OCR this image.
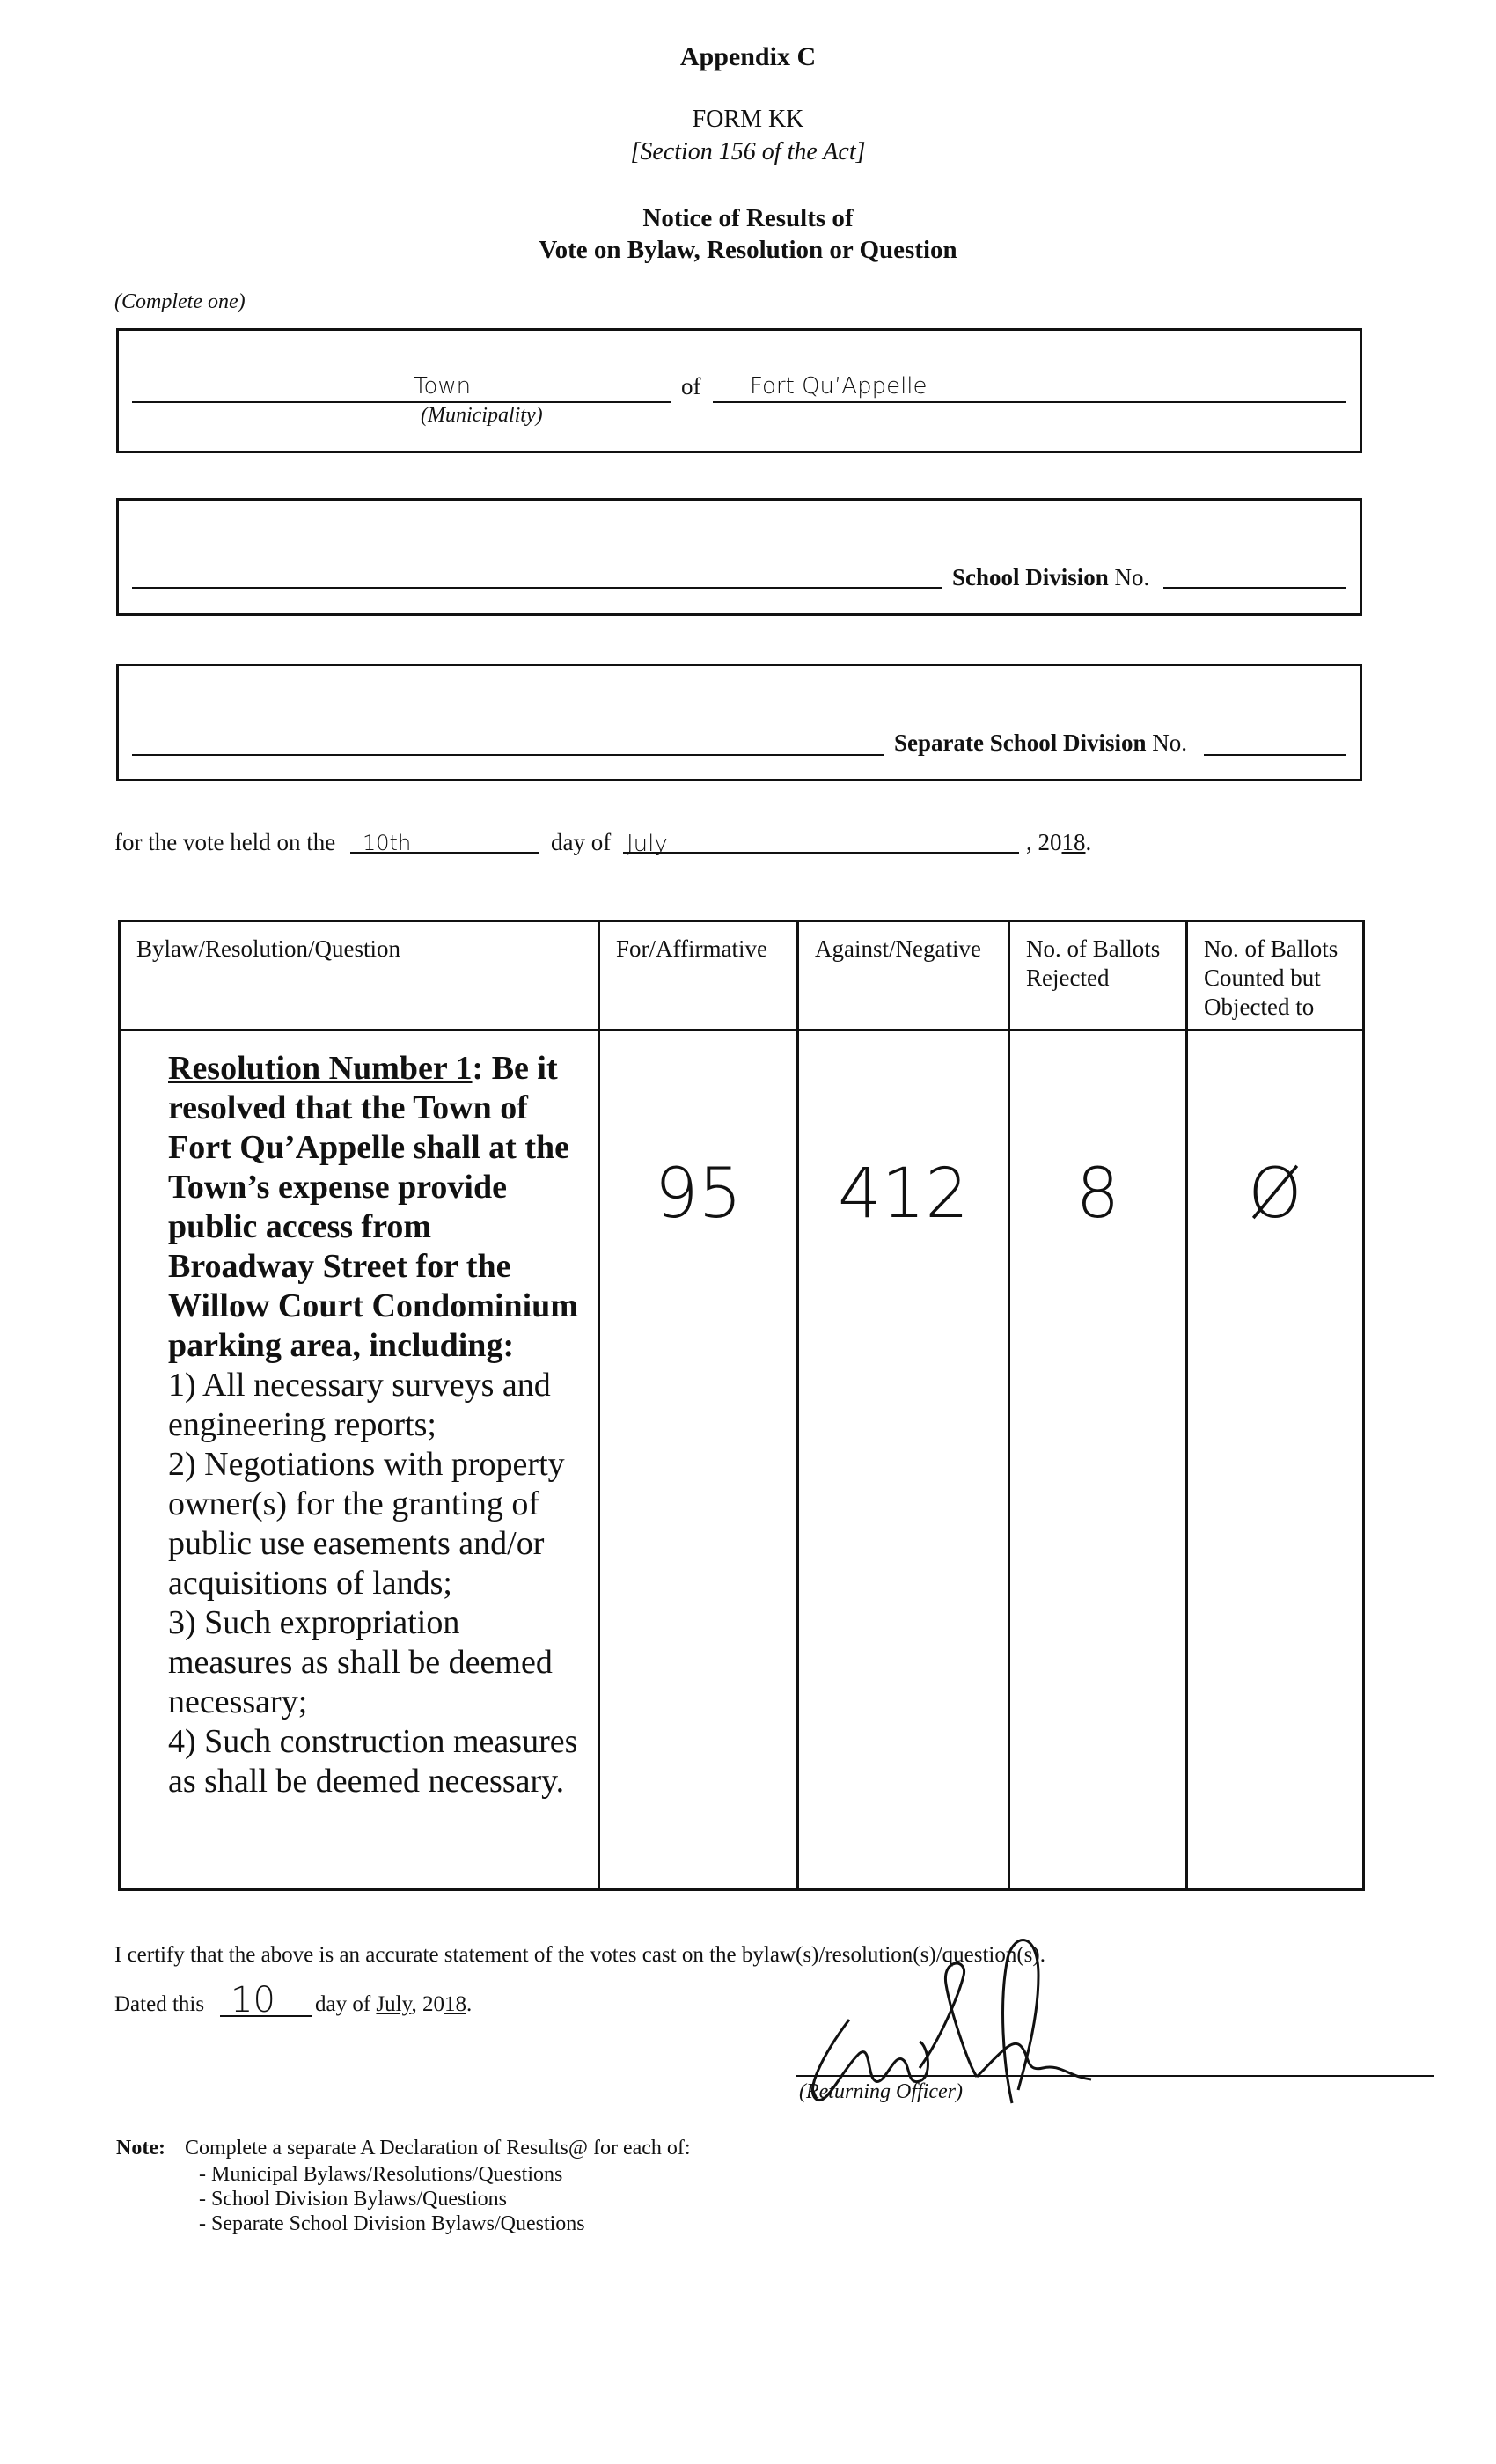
Appendix C
FORM KK
[Section 156 of the Act]
Notice of Results of
Vote on Bylaw, Resolution or Question
(Complete one)
Town
(Municipality)
of Fort Qu’Appelle
School Division No.
Separate School Division No.
for the vote held on the 10th	day of July	, 2018.
Bylaw/Resolution/Question	For/Affirmative	Against/Negative	No. of Ballots Rejected	No. of Ballots Counted but Objected to

Resolution Number 1: Be it resolved that the Town of Fort Qu’Appelle shall at the Town’s expense provide public access from Broadway Street for the Willow Court Condominium parking area, including:
1) All necessary surveys and engineering reports;
2) Negotiations with property owner(s) for the granting of public use easements and/or acquisitions of lands;
3) Such expropriation measures as shall be deemed necessary;
4) Such construction measures as shall be deemed necessary.	95	412	8	Ø
I certify that the above is an accurate statement of the votes cast on the bylaw(s)/resolution(s)/question(s).
Dated this 10 day of July, 2018.
(Returning Officer)
Note: Complete a separate A Declaration of Results@ for each of:
- Municipal Bylaws/Resolutions/Questions
- School Division Bylaws/Questions
- Separate School Division Bylaws/Questions
